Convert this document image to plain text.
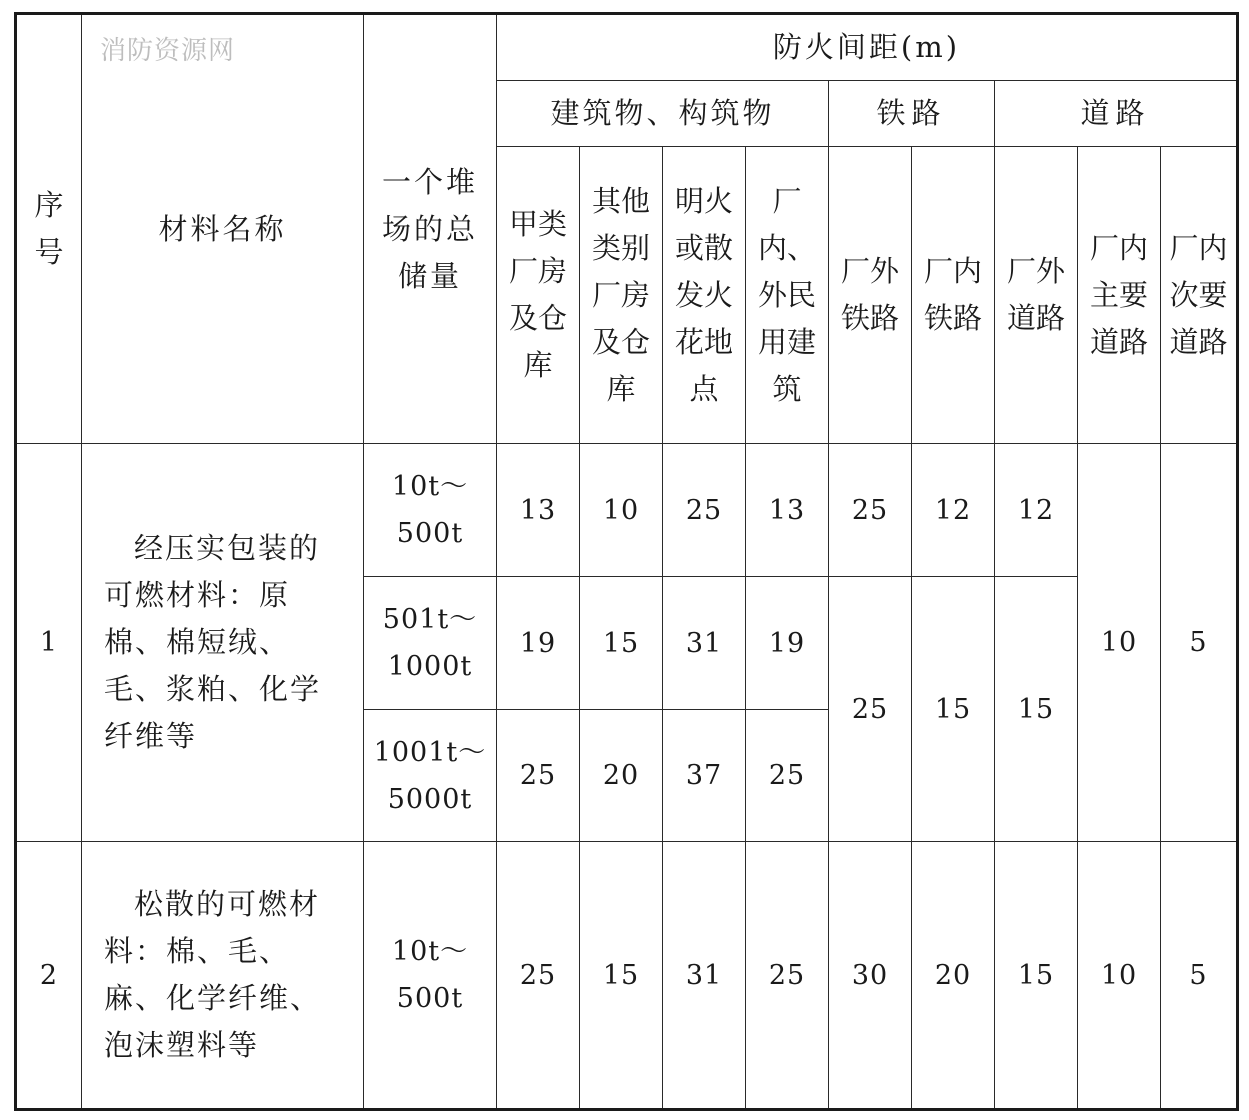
消防资源网
序号	材料名称	一个堆场的总储量	防火间距(m)								
			建筑物、构筑物				铁路		道路		
			甲类厂房及仓库	其他类别厂房及仓库	明火或散发火花地点	厂内、外民用建筑	厂外铁路	厂内铁路	厂外道路	厂内主要道路	厂内次要道路
1	经压实包装的可燃材料：原棉、棉短绒、毛、浆粕、化学纤维等	10t～500t	13	10	25	13	25	12	12	10	5
		501t～1000t	19	15	31	19	25	15	15		
		1001t～5000t	25	20	37	25					
2	松散的可燃材料：棉、毛、麻、化学纤维、泡沫塑料等	10t～500t	25	15	31	25	30	20	15	10	5
